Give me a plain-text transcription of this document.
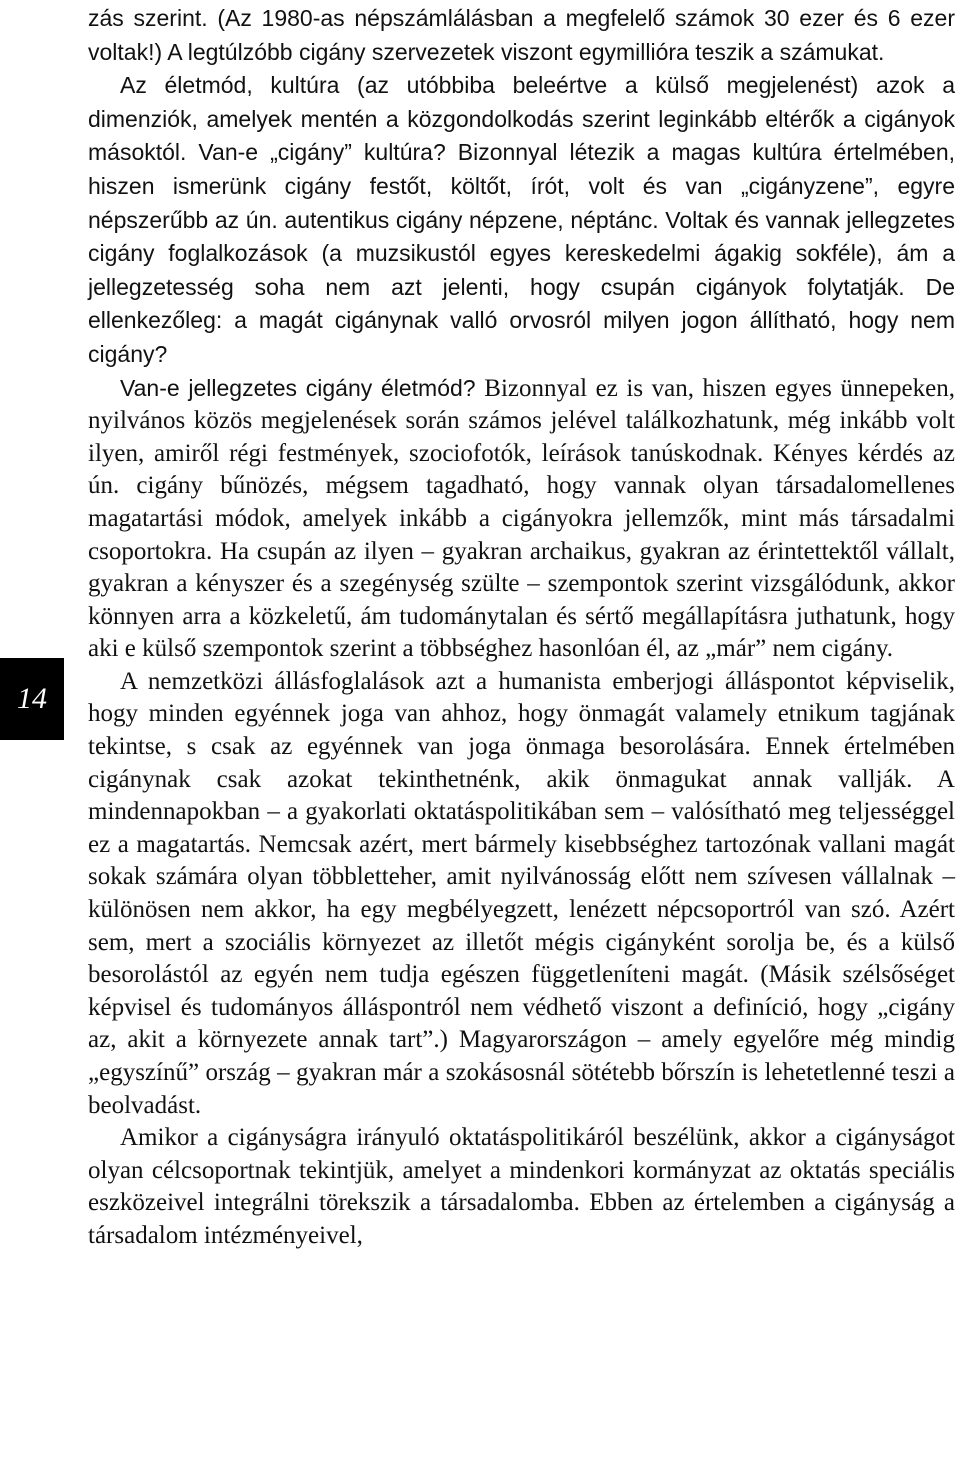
14

zás szerint. (Az 1980-as népszámlálásban a megfelelő számok 30 ezer és 6 ezer voltak!) A legtúlzóbb cigány szervezetek viszont egymillióra teszik a számukat.

Az életmód, kultúra (az utóbbiba beleértve a külső megjelenést) azok a dimenziók, amelyek mentén a közgondolkodás szerint leginkább eltérők a cigányok másoktól. Van-e „cigány” kultúra? Bizonnyal létezik a magas kultúra értelmében, hiszen ismerünk cigány festőt, költőt, írót, volt és van „cigányzene”, egyre népszerűbb az ún. autentikus cigány népzene, néptánc. Voltak és vannak jellegzetes cigány foglalkozások (a muzsikustól egyes kereskedelmi ágakig sokféle), ám a jellegzetesség soha nem azt jelenti, hogy csupán cigányok folytatják. De ellenkezőleg: a magát cigánynak valló orvosról milyen jogon állítható, hogy nem cigány?

Van-e jellegzetes cigány életmód? Bizonnyal ez is van, hiszen egyes ünnepeken, nyilvános közös megjelenések során számos jelével találkozhatunk, még inkább volt ilyen, amiről régi festmények, szociofotók, leírások tanúskodnak. Kényes kérdés az ún. cigány bűnözés, mégsem tagadható, hogy vannak olyan társadalomellenes magatartási módok, amelyek inkább a cigányokra jellemzők, mint más társadalmi csoportokra. Ha csupán az ilyen – gyakran archaikus, gyakran az érintettektől vállalt, gyakran a kényszer és a szegénység szülte – szempontok szerint vizsgálódunk, akkor könnyen arra a közkeletű, ám tudománytalan és sértő megállapításra juthatunk, hogy aki e külső szempontok szerint a többséghez hasonlóan él, az „már” nem cigány.

A nemzetközi állásfoglalások azt a humanista emberjogi álláspontot képviselik, hogy minden egyénnek joga van ahhoz, hogy önmagát valamely etnikum tagjának tekintse, s csak az egyénnek van joga önmaga besorolására. Ennek értelmében cigánynak csak azokat tekinthetnénk, akik önmagukat annak vallják. A mindennapokban – a gyakorlati oktatáspolitikában sem – valósítható meg teljességgel ez a magatartás. Nemcsak azért, mert bármely kisebbséghez tartozónak vallani magát sokak számára olyan többletteher, amit nyilvánosság előtt nem szívesen vállalnak – különösen nem akkor, ha egy megbélyegzett, lenézett népcsoportról van szó. Azért sem, mert a szociális környezet az illetőt mégis cigányként sorolja be, és a külső besorolástól az egyén nem tudja egészen függetleníteni magát. (Másik szélsőséget képvisel és tudományos álláspontról nem védhető viszont a definíció, hogy „cigány az, akit a környezete annak tart”.) Magyarországon – amely egyelőre még mindig „egyszínű” ország – gyakran már a szokásosnál sötétebb bőrszín is lehetetlenné teszi a beolvadást.

Amikor a cigányságra irányuló oktatáspolitikáról beszélünk, akkor a cigányságot olyan célcsoportnak tekintjük, amelyet a mindenkori kormányzat az oktatás speciális eszközeivel integrálni törekszik a társadalomba. Ebben az értelemben a cigányság a társadalom intézményeivel,
